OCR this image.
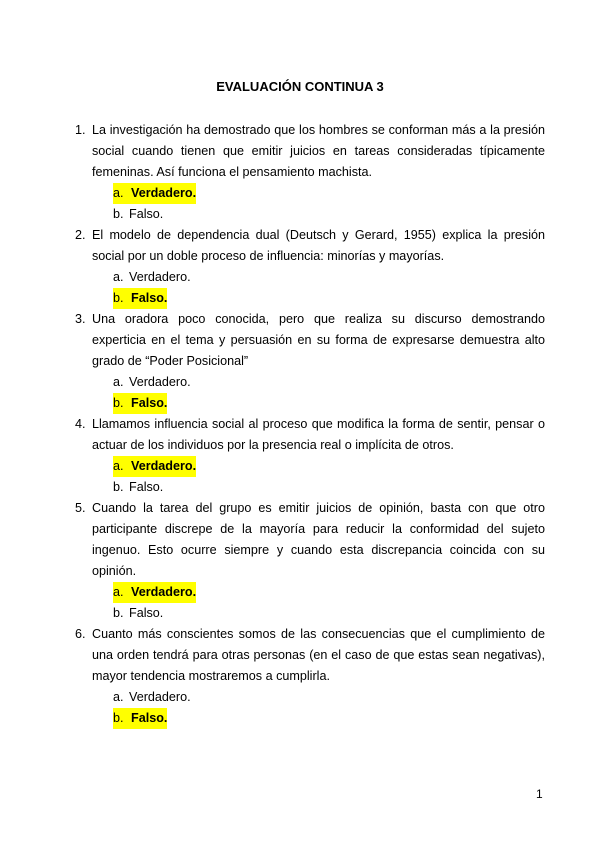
EVALUACIÓN CONTINUA 3
1. La investigación ha demostrado que los hombres se conforman más a la presión social cuando tienen que emitir juicios en tareas consideradas típicamente femeninas. Así funciona el pensamiento machista.
a. Verdadero.
b. Falso.
2. El modelo de dependencia dual (Deutsch y Gerard, 1955) explica la presión social por un doble proceso de influencia: minorías y mayorías.
a. Verdadero.
b. Falso.
3. Una oradora poco conocida, pero que realiza su discurso demostrando experticia en el tema y persuasión en su forma de expresarse demuestra alto grado de “Poder Posicional”
a. Verdadero.
b. Falso.
4. Llamamos influencia social al proceso que modifica la forma de sentir, pensar o actuar de los individuos por la presencia real o implícita de otros.
a. Verdadero.
b. Falso.
5. Cuando la tarea del grupo es emitir juicios de opinión, basta con que otro participante discrepe de la mayoría para reducir la conformidad del sujeto ingenuo. Esto ocurre siempre y cuando esta discrepancia coincida con su opinión.
a. Verdadero.
b. Falso.
6. Cuanto más conscientes somos de las consecuencias que el cumplimiento de una orden tendrá para otras personas (en el caso de que estas sean negativas), mayor tendencia mostraremos a cumplirla.
a. Verdadero.
b. Falso.
1
